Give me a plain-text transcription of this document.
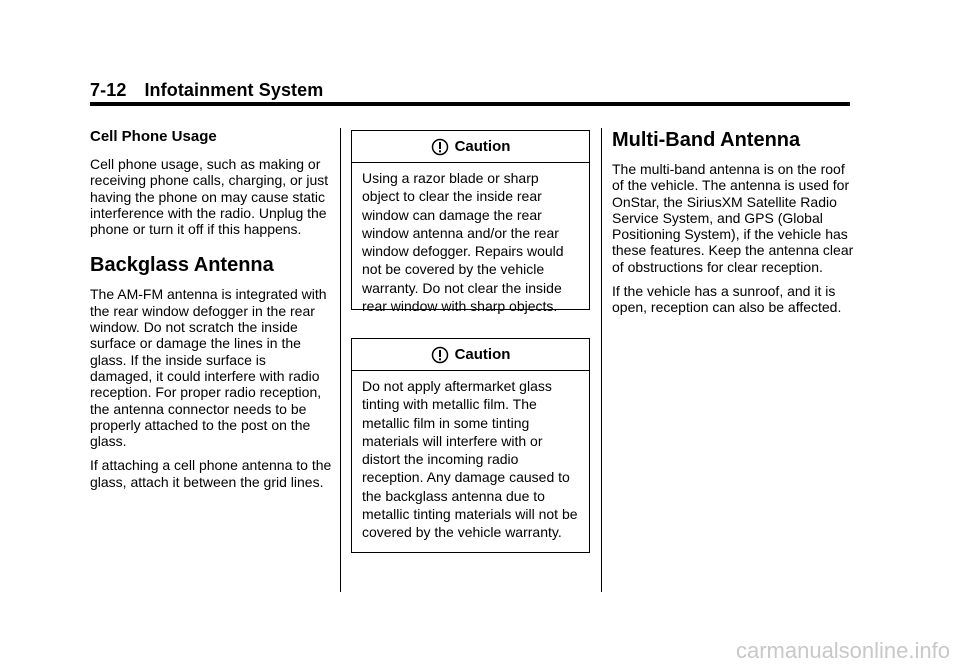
7-12 Infotainment System
Cell Phone Usage

Cell phone usage, such as making or receiving phone calls, charging, or just having the phone on may cause static interference with the radio. Unplug the phone or turn it off if this happens.

Backglass Antenna

The AM-FM antenna is integrated with the rear window defogger in the rear window. Do not scratch the inside surface or damage the lines in the glass. If the inside surface is damaged, it could interfere with radio reception. For proper radio reception, the antenna connector needs to be properly attached to the post on the glass.

If attaching a cell phone antenna to the glass, attach it between the grid lines.

Caution
Using a razor blade or sharp object to clear the inside rear window can damage the rear window antenna and/or the rear window defogger. Repairs would not be covered by the vehicle warranty. Do not clear the inside rear window with sharp objects.
Caution
Do not apply aftermarket glass tinting with metallic film. The metallic film in some tinting materials will interfere with or distort the incoming radio reception. Any damage caused to the backglass antenna due to metallic tinting materials will not be covered by the vehicle warranty.
Multi-Band Antenna

The multi-band antenna is on the roof of the vehicle. The antenna is used for OnStar, the SiriusXM Satellite Radio Service System, and GPS (Global Positioning System), if the vehicle has these features. Keep the antenna clear of obstructions for clear reception.

If the vehicle has a sunroof, and it is open, reception can also be affected.

carmanualsonline.info
